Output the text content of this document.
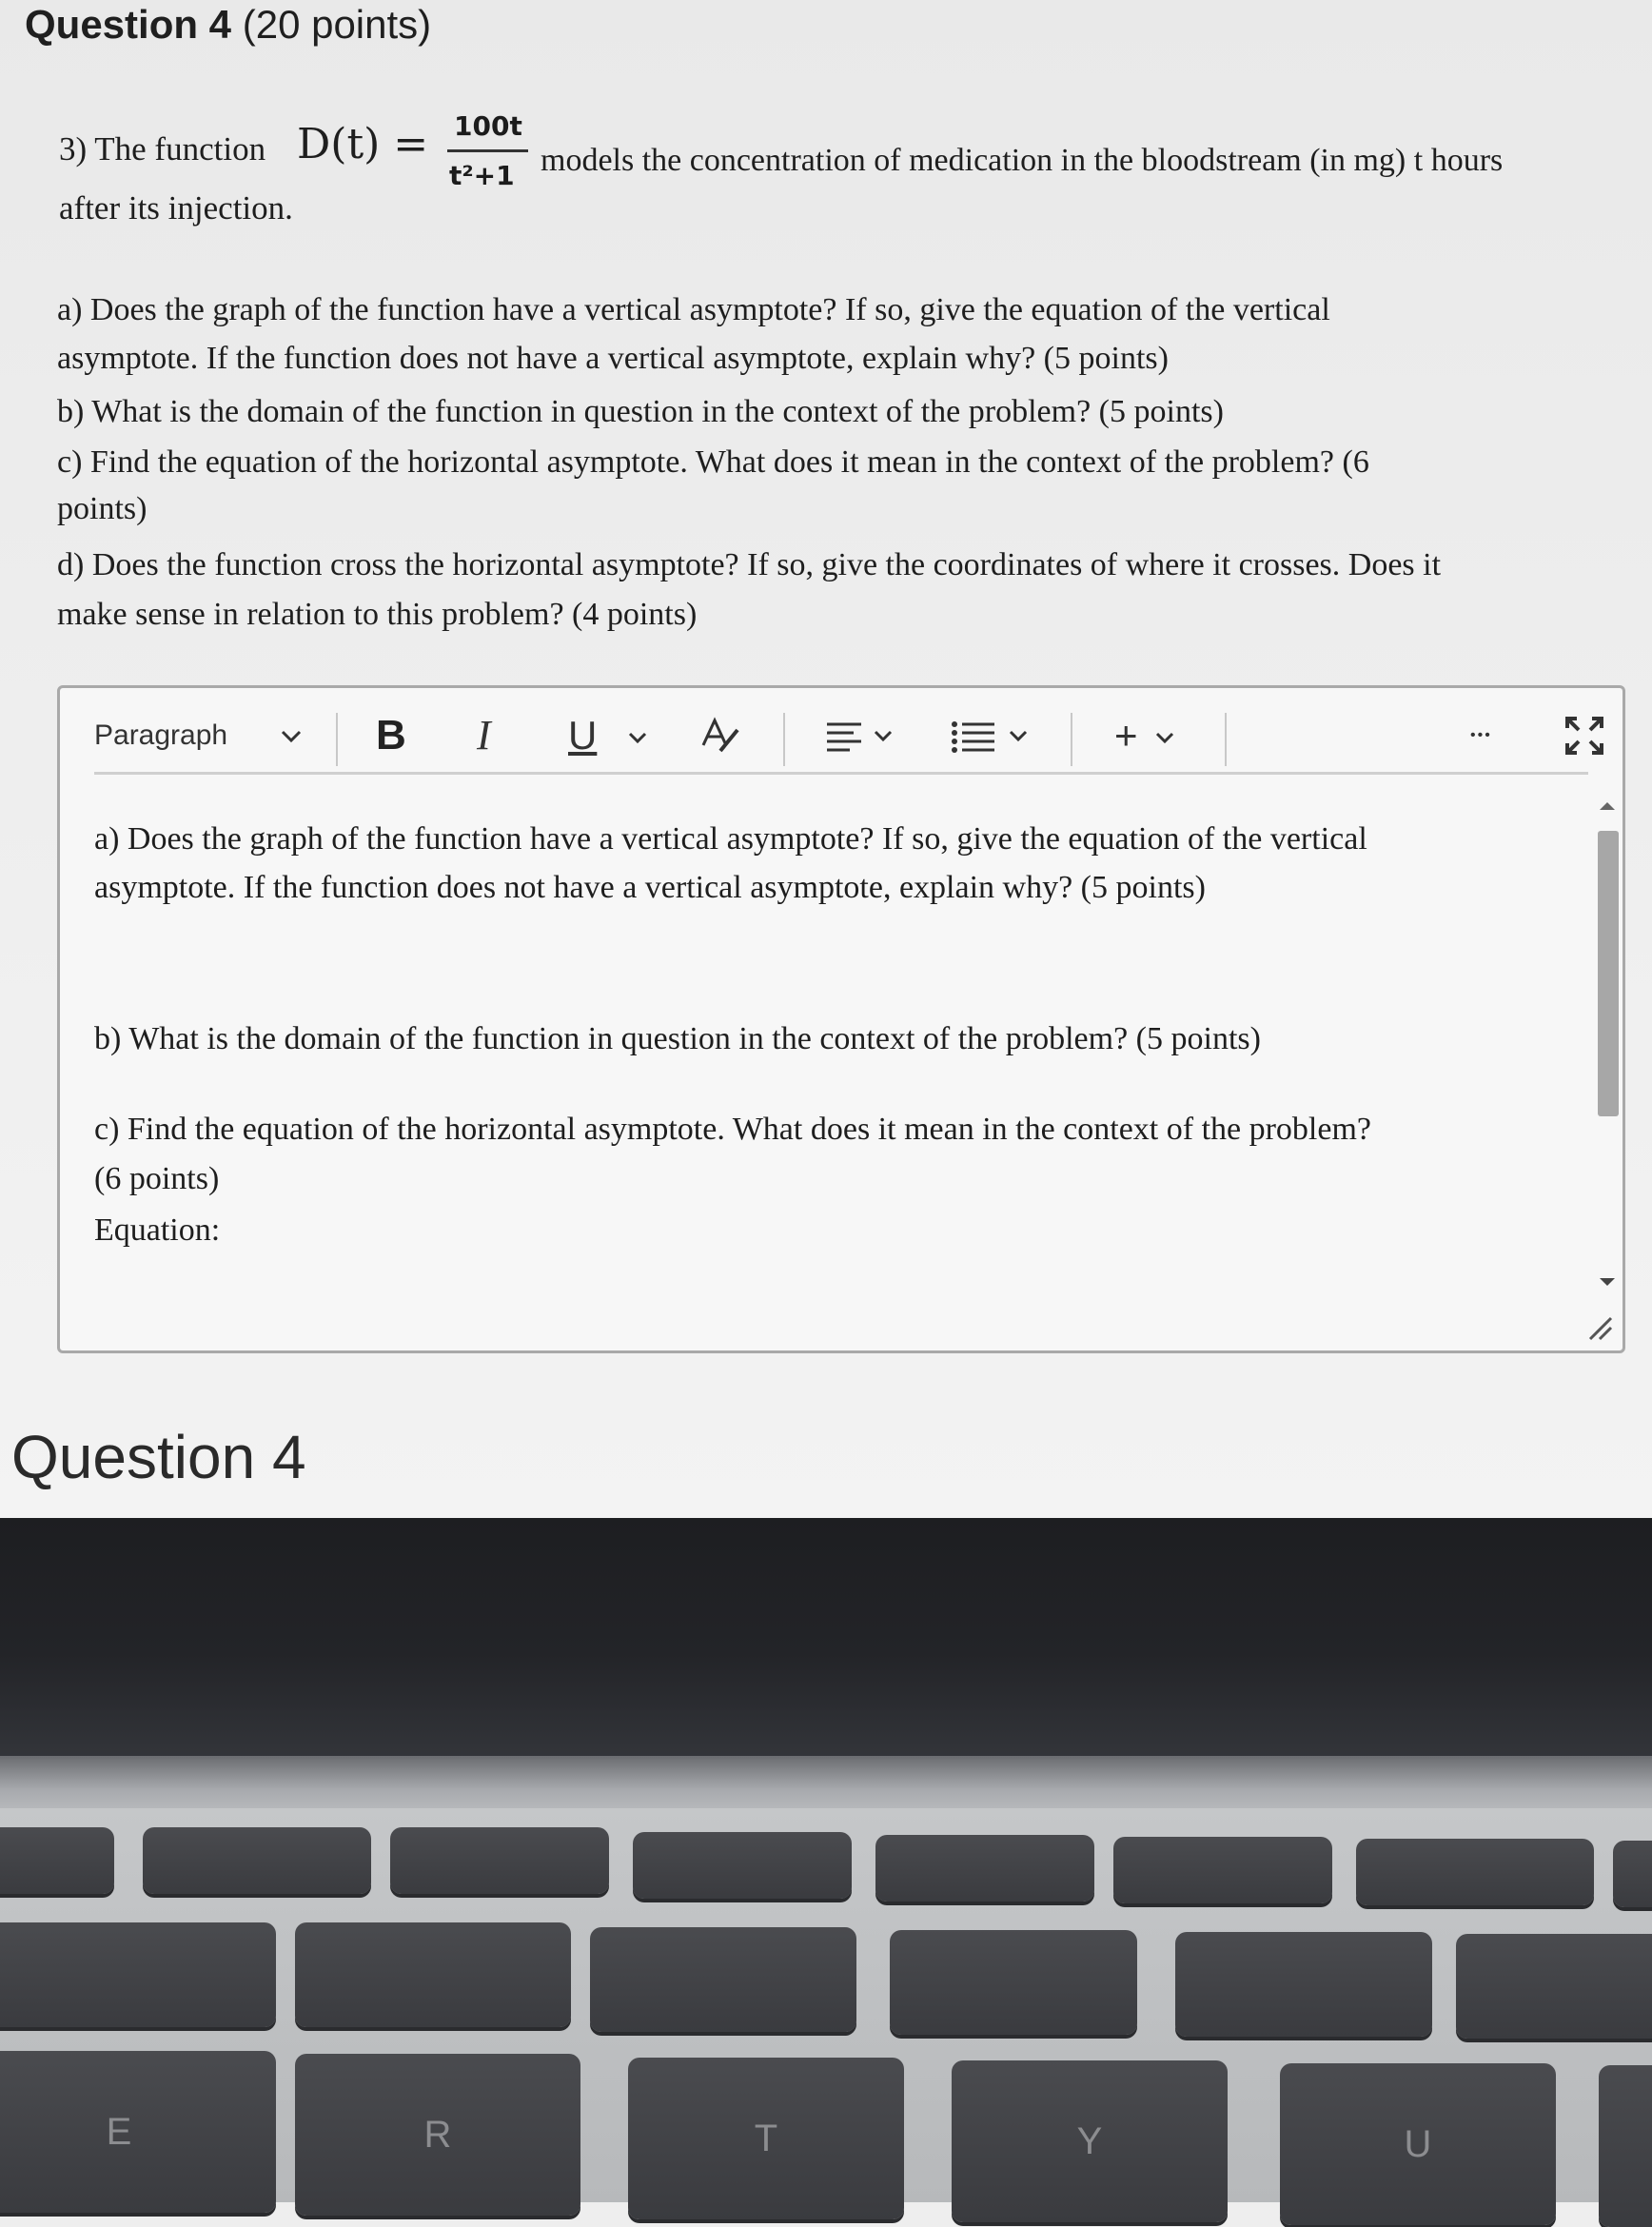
Question 4 (20 points)
3) The function D(t) = 100t
t²+1 models the concentration of medication in the bloodstream (in mg) t hours
after its injection.
a) Does the graph of the function have a vertical asymptote? If so, give the equation of the vertical
asymptote. If the function does not have a vertical asymptote, explain why? (5 points)
b) What is the domain of the function in question in the context of the problem? (5 points)
c) Find the equation of the horizontal asymptote. What does it mean in the context of the problem? (6
points)
d) Does the function cross the horizontal asymptote? If so, give the coordinates of where it crosses. Does it
make sense in relation to this problem? (4 points)
Paragraph	B I U	+	•••
a) Does the graph of the function have a vertical asymptote? If so, give the equation of the vertical
asymptote. If the function does not have a vertical asymptote, explain why? (5 points)
b) What is the domain of the function in question in the context of the problem? (5 points)
c) Find the equation of the horizontal asymptote. What does it mean in the context of the problem?
(6 points)
Equation:
Question 4
E	R	T	Y	U
